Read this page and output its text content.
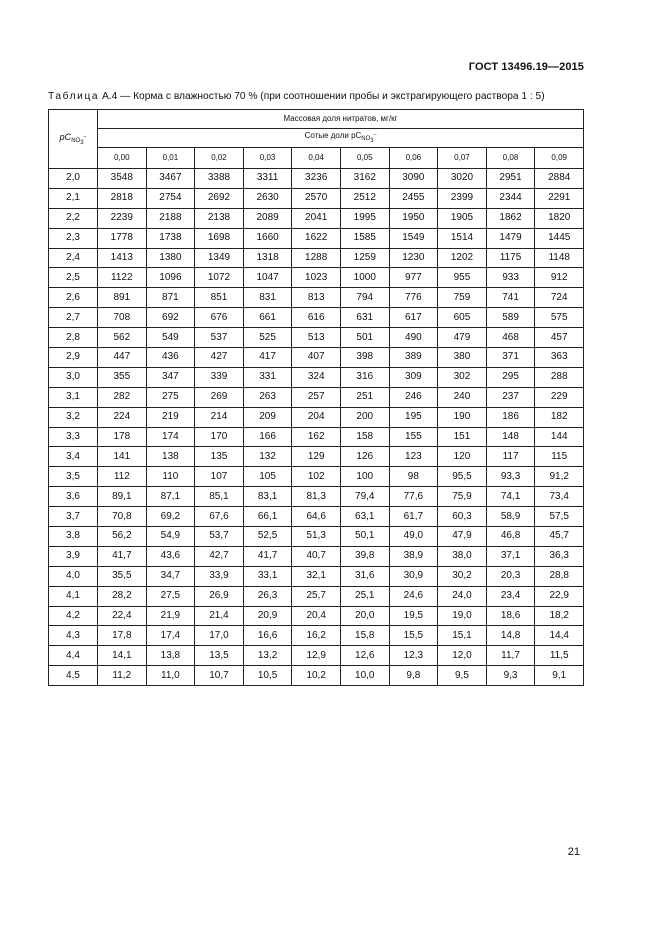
ГОСТ 13496.19—2015
Таблица А.4 — Корма с влажностью 70 % (при соотношении пробы и экстрагирующего раствора 1 : 5)
$pC_{NO_3^-}$	Массовая доля нитратов, мг/кг									
	Сотые доли $pC_{NO_3^-}$
	0,00	0,01	0,02	0,03	0,04	0,05	0,06	0,07	0,08	0,09
2,0	3548	3467	3388	3311	3236	3162	3090	3020	2951	2884
2,1	2818	2754	2692	2630	2570	2512	2455	2399	2344	2291
2,2	2239	2188	2138	2089	2041	1995	1950	1905	1862	1820
2,3	1778	1738	1698	1660	1622	1585	1549	1514	1479	1445
2,4	1413	1380	1349	1318	1288	1259	1230	1202	1175	1148
2,5	1122	1096	1072	1047	1023	1000	977	955	933	912
2,6	891	871	851	831	813	794	776	759	741	724
2,7	708	692	676	661	616	631	617	605	589	575
2,8	562	549	537	525	513	501	490	479	468	457
2,9	447	436	427	417	407	398	389	380	371	363
3,0	355	347	339	331	324	316	309	302	295	288
3,1	282	275	269	263	257	251	246	240	237	229
3,2	224	219	214	209	204	200	195	190	186	182
3,3	178	174	170	166	162	158	155	151	148	144
3,4	141	138	135	132	129	126	123	120	117	115
3,5	112	110	107	105	102	100	98	95,5	93,3	91,2
3,6	89,1	87,1	85,1	83,1	81,3	79,4	77,6	75,9	74,1	73,4
3,7	70,8	69,2	67,6	66,1	64,6	63,1	61,7	60,3	58,9	57,5
3,8	56,2	54,9	53,7	52,5	51,3	50,1	49,0	47,9	46,8	45,7
3,9	41,7	43,6	42,7	41,7	40,7	39,8	38,9	38,0	37,1	36,3
4,0	35,5	34,7	33,9	33,1	32,1	31,6	30,9	30,2	20,3	28,8
4,1	28,2	27,5	26,9	26,3	25,7	25,1	24,6	24,0	23,4	22,9
4,2	22,4	21,9	21,4	20,9	20,4	20,0	19,5	19,0	18,6	18,2
4,3	17,8	17,4	17,0	16,6	16,2	15,8	15,5	15,1	14,8	14,4
4,4	14,1	13,8	13,5	13,2	12,9	12,6	12,3	12,0	11,7	11,5
4,5	11,2	11,0	10,7	10,5	10,2	10,0	9,8	9,5	9,3	9,1
21
